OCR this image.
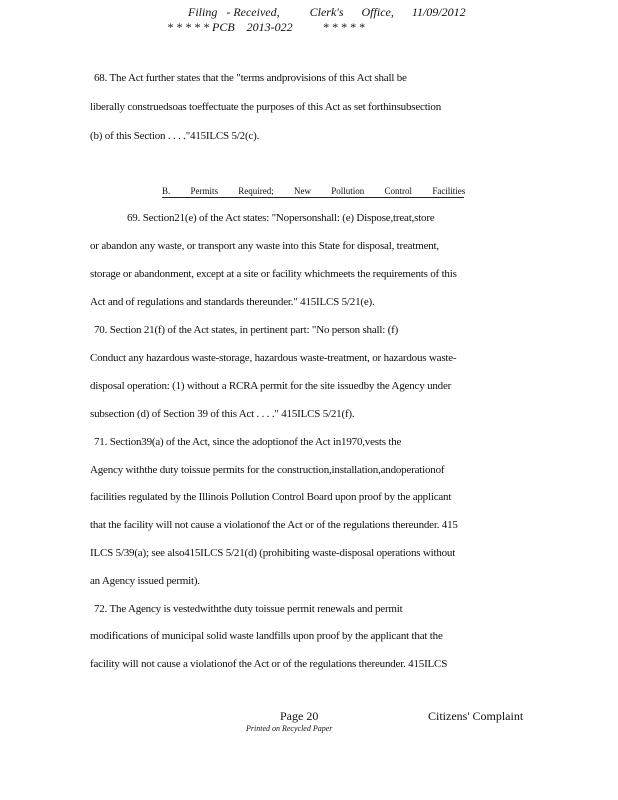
Filing   - Received,          Clerk's      Office,      11/09/2012
* * * * * PCB    2013-022          * * * * *
68. The Act further states that the "terms andprovisions of this Act shall be
liberally construedsoas toeffectuate the purposes of this Act as set forthinsubsection
(b) of this Section . . . ."415ILCS 5/2(c).
B. Permits Required; New Pollution Control Facilities
69. Section21(e) of the Act states: "Nopersonshall: (e) Dispose,treat,store
or abandon any waste, or transport any waste into this State for disposal, treatment,
storage or abandonment, except at a site or facility whichmeets the requirements of this
Act and of regulations and standards thereunder." 415ILCS 5/21(e).
70. Section 21(f) of the Act states, in pertinent part: "No person shall: (f)
Conduct any hazardous waste-storage, hazardous waste-treatment, or hazardous waste-
disposal operation: (1) without a RCRA permit for the site issuedby the Agency under
subsection (d) of Section 39 of this Act . . . ." 415ILCS 5/21(f).
71. Section39(a) of the Act, since the adoptionof the Act in1970,vests the
Agency withthe duty toissue permits for the construction,installation,andoperationof
facilities regulated by the Illinois Pollution Control Board upon proof by the applicant
that the facility will not cause a violationof the Act or of the regulations thereunder. 415
ILCS 5/39(a); see also415ILCS 5/21(d) (prohibiting waste-disposal operations without
an Agency issued permit).
72. The Agency is vestedwiththe duty toissue permit renewals and permit
modifications of municipal solid waste landfills upon proof by the applicant that the
facility will not cause a violationof the Act or of the regulations thereunder. 415ILCS
Page 20	Citizens' Complaint
Printed on Recycled Paper
